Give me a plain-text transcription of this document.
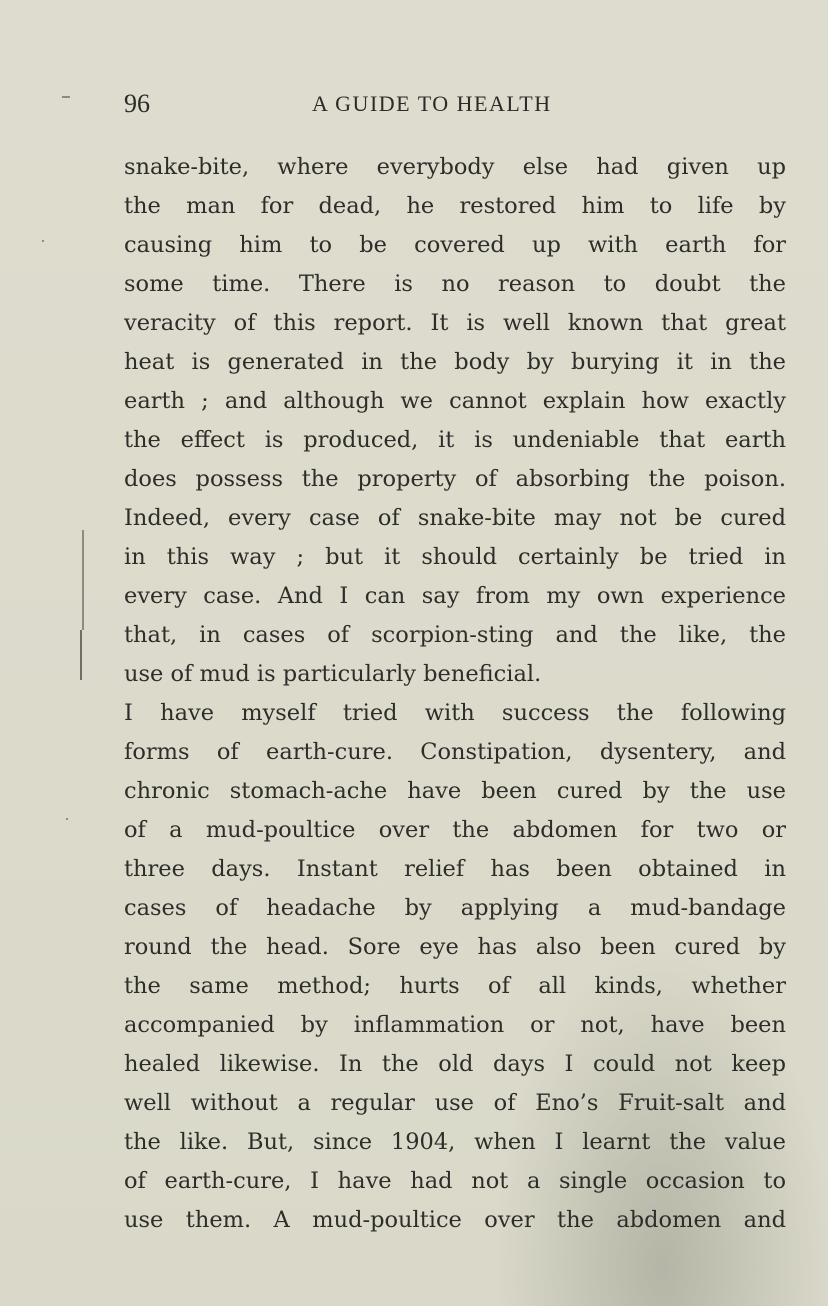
96	A GUIDE TO HEALTH
snake-bite, where everybody else had given up
the man for dead, he restored him to life by
causing him to be covered up with earth for
some time. There is no reason to doubt the
veracity of this report. It is well known that great
heat is generated in the body by burying it in the
earth ; and although we cannot explain how exactly
the effect is produced, it is undeniable that earth
does possess the property of absorbing the poison.
Indeed, every case of snake-bite may not be cured
in this way ; but it should certainly be tried in
every case. And I can say from my own experience
that, in cases of scorpion-sting and the like, the
use of mud is particularly beneficial.
I have myself tried with success the following
forms of earth-cure. Constipation, dysentery, and
chronic stomach-ache have been cured by the use
of a mud-poultice over the abdomen for two or
three days. Instant relief has been obtained in
cases of headache by applying a mud-bandage
round the head. Sore eye has also been cured by
the same method; hurts of all kinds, whether
accompanied by inflammation or not, have been
healed likewise. In the old days I could not keep
well without a regular use of Eno’s Fruit-salt and
the like. But, since 1904, when I learnt the value
of earth-cure, I have had not a single occasion to
use them. A mud-poultice over the abdomen and
